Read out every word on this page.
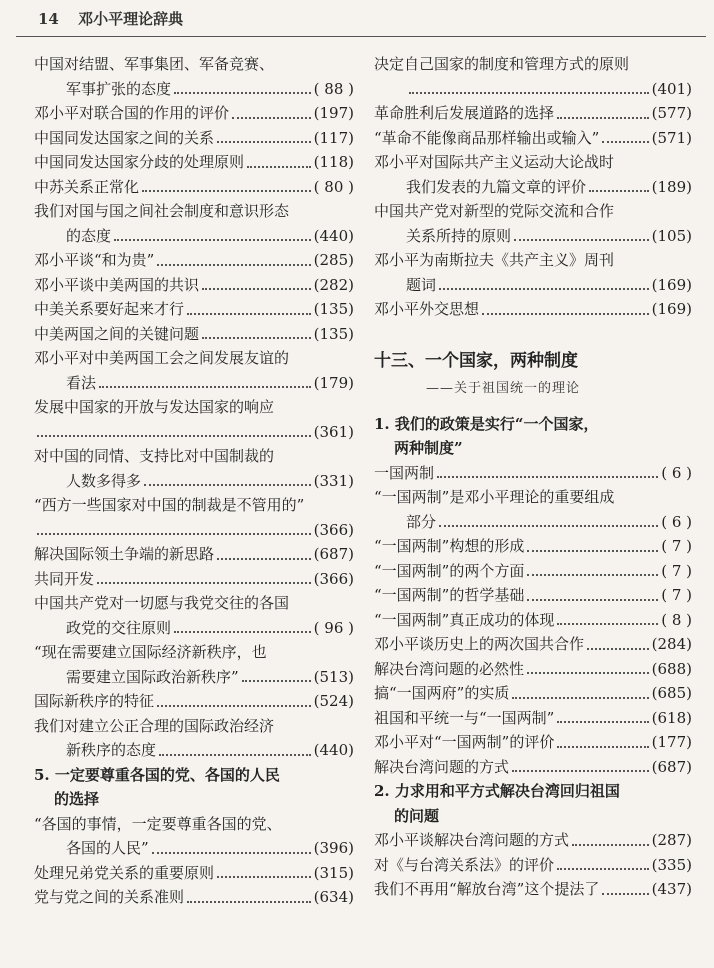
14 邓小平理论辞典
中国对结盟、军事集团、军备竞赛、
军事扩张的态度	( 88 )
邓小平对联合国的作用的评价	(197)
中国同发达国家之间的关系	(117)
中国同发达国家分歧的处理原则	(118)
中苏关系正常化	( 80 )
我们对国与国之间社会制度和意识形态
的态度	(440)
邓小平谈“和为贵”	(285)
邓小平谈中美两国的共识	(282)
中美关系要好起来才行	(135)
中美两国之间的关键问题	(135)
邓小平对中美两国工会之间发展友谊的
看法	(179)
发展中国家的开放与发达国家的响应
(361)
对中国的同情、支持比对中国制裁的
人数多得多	(331)
“西方一些国家对中国的制裁是不管用的”
(366)
解决国际领土争端的新思路	(687)
共同开发	(366)
中国共产党对一切愿与我党交往的各国
政党的交往原则	( 96 )
“现在需要建立国际经济新秩序，也
需要建立国际政治新秩序”	(513)
国际新秩序的特征	(524)
我们对建立公正合理的国际政治经济
新秩序的态度	(440)
5. 一定要尊重各国的党、各国的人民
的选择
“各国的事情，一定要尊重各国的党、
各国的人民”	(396)
处理兄弟党关系的重要原则	(315)
党与党之间的关系准则	(634)
决定自己国家的制度和管理方式的原则
(401)
革命胜利后发展道路的选择	(577)
“革命不能像商品那样输出或输入”	(571)
邓小平对国际共产主义运动大论战时
我们发表的九篇文章的评价	(189)
中国共产党对新型的党际交流和合作
关系所持的原则	(105)
邓小平为南斯拉夫《共产主义》周刊
题词	(169)
邓小平外交思想	(169)
十三、一个国家，两种制度
——关于祖国统一的理论
1. 我们的政策是实行“一个国家，
两种制度”
一国两制	( 6 )
“一国两制”是邓小平理论的重要组成
部分	( 6 )
“一国两制”构想的形成	( 7 )
“一国两制”的两个方面	( 7 )
“一国两制”的哲学基础	( 7 )
“一国两制”真正成功的体现	( 8 )
邓小平谈历史上的两次国共合作	(284)
解决台湾问题的必然性	(688)
搞“一国两府”的实质	(685)
祖国和平统一与“一国两制”	(618)
邓小平对“一国两制”的评价	(177)
解决台湾问题的方式	(687)
2. 力求用和平方式解决台湾回归祖国
的问题
邓小平谈解决台湾问题的方式	(287)
对《与台湾关系法》的评价	(335)
我们不再用“解放台湾”这个提法了	(437)
